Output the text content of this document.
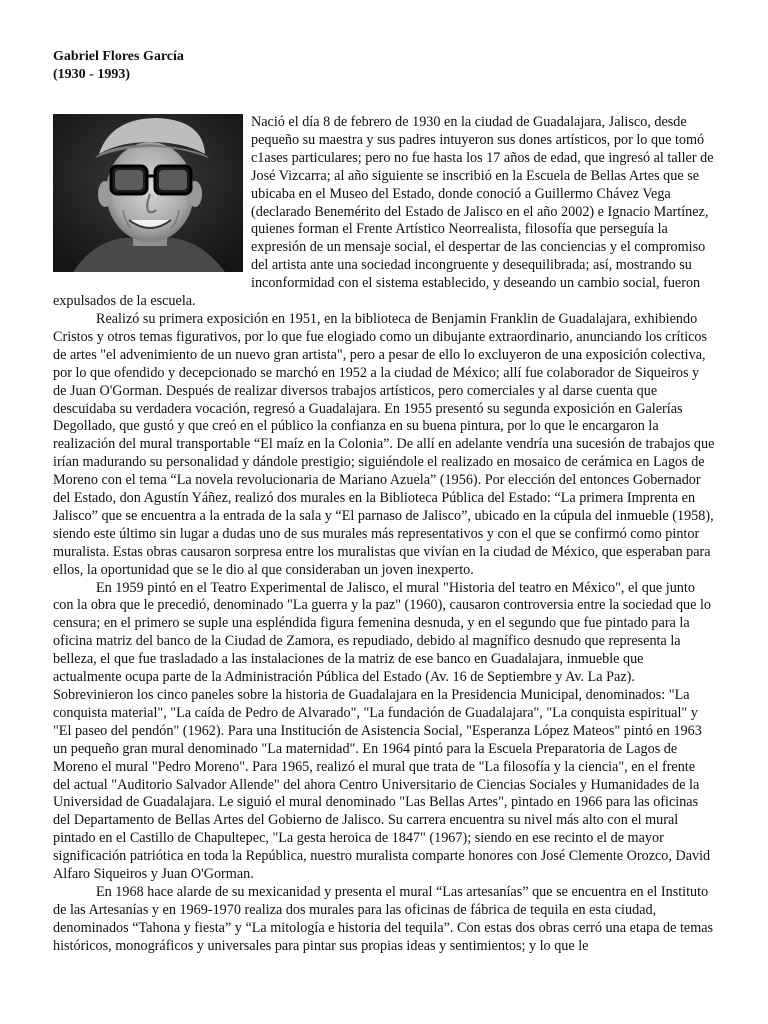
Gabriel Flores García

(1930 - 1993)

Nació el día 8 de febrero de 1930 en la ciudad de Guadalajara, Jalisco, desde pequeño su maestra y sus padres intuyeron sus dones artísticos, por lo que tomó c1ases particulares; pero no fue hasta los 17 años de edad, que ingresó al taller de José Vizcarra; al año siguiente se inscribió en la Escuela de Bellas Artes que se ubicaba en el Museo del Estado, donde conoció a Guillermo Chávez Vega (declarado Benemérito del Estado de Jalisco en el año 2002) e Ignacio Martínez, quienes forman el Frente Artístico Neorrealista, filosofía que perseguía la expresión de un mensaje social, el despertar de las conciencias y el compromiso del artista ante una sociedad incongruente y desequilibrada; así, mostrando su inconformidad con el sistema establecido, y deseando un cambio social, fueron expulsados de la escuela.

Realizó su primera exposición en 1951, en la biblioteca de Benjamin Franklin de Guadalajara, exhibiendo Cristos y otros temas figurativos, por lo que fue elogiado como un dibujante extraordinario, anunciando los críticos de artes "el advenimiento de un nuevo gran artista", pero a pesar de ello lo excluyeron de una exposición colectiva, por lo que ofendido y decepcionado se marchó en 1952 a la ciudad de México; allí fue colaborador de Siqueiros y de Juan O'Gorman. Después de realizar diversos trabajos artísticos, pero comerciales y al darse cuenta que descuidaba su verdadera vocación, regresó a Guadalajara. En 1955 presentó su segunda exposición en Galerías Degollado, que gustó y que creó en el público la confianza en su buena pintura, por lo que le encargaron la realización del mural transportable “El maíz en la Colonia”. De allí en adelante vendría una sucesión de trabajos que irían madurando su personalidad y dándole prestigio; siguiéndole el realizado en mosaico de cerámica en Lagos de Moreno con el tema “La novela revolucionaria de Mariano Azuela” (1956). Por elección del entonces Gobernador del Estado, don Agustín Yáñez, realizó dos murales en la Biblioteca Pública del Estado: “La primera Imprenta en Jalisco” que se encuentra a la entrada de la sala y “El parnaso de Jalisco”, ubicado en la cúpula del inmueble (1958), siendo este último sin lugar a dudas uno de sus murales más representativos y con el que se confirmó como pintor muralista. Estas obras causaron sorpresa entre los muralistas que vivían en la ciudad de México, que esperaban para ellos, la oportunidad que se le dio al que consideraban un joven inexperto.

En 1959 pintó en el Teatro Experimental de Jalisco, el mural "Historia del teatro en México", el que junto con la obra que le precedió, denominado "La guerra y la paz" (1960), causaron controversia entre la sociedad que lo censura; en el primero se suple una espléndida figura femenina desnuda, y en el segundo que fue pintado para la oficina matriz del banco de la Ciudad de Zamora, es repudiado, debido al magnífico desnudo que representa la belleza, el que fue trasladado a las instalaciones de la matriz de ese banco en Guadalajara, inmueble que actualmente ocupa parte de la Administración Pública del Estado (Av. 16 de Septiembre y Av. La Paz). Sobrevinieron los cinco paneles sobre la historia de Guadalajara en la Presidencia Municipal, denominados: "La conquista material", "La caída de Pedro de Alvarado", "La fundación de Guadalajara", "La conquista espiritual" y "El paseo del pendón" (1962). Para una Institución de Asistencia Social, "Esperanza López Mateos" pintó en 1963 un pequeño gran mural denominado "La maternidad". En 1964 pintó para la Escuela Preparatoria de Lagos de Moreno el mural "Pedro Moreno". Para 1965, realizó el mural que trata de "La filosofía y la ciencia", en el frente del actual "Auditorio Salvador Allende" del ahora Centro Universitario de Ciencias Sociales y Humanidades de la Universidad de Guadalajara. Le siguió el mural denominado "Las Bellas Artes", pintado en 1966 para las oficinas del Departamento de Bellas Artes del Gobierno de Jalisco. Su carrera encuentra su nivel más alto con el mural pintado en el Castillo de Chapultepec, "La gesta heroica de 1847" (1967); siendo en ese recinto el de mayor significación patriótica en toda la República, nuestro muralista comparte honores con José Clemente Orozco, David Alfaro Siqueiros y Juan O'Gorman.

En 1968 hace alarde de su mexicanidad y presenta el mural “Las artesanías” que se encuentra en el Instituto de las Artesanías y en 1969-1970 realiza dos murales para las oficinas de fábrica de tequila en esta ciudad, denominados “Tahona y fiesta” y “La mitología e historia del tequila”. Con estas dos obras cerró una etapa de temas históricos, monográficos y universales para pintar sus propias ideas y sentimientos; y lo que le
